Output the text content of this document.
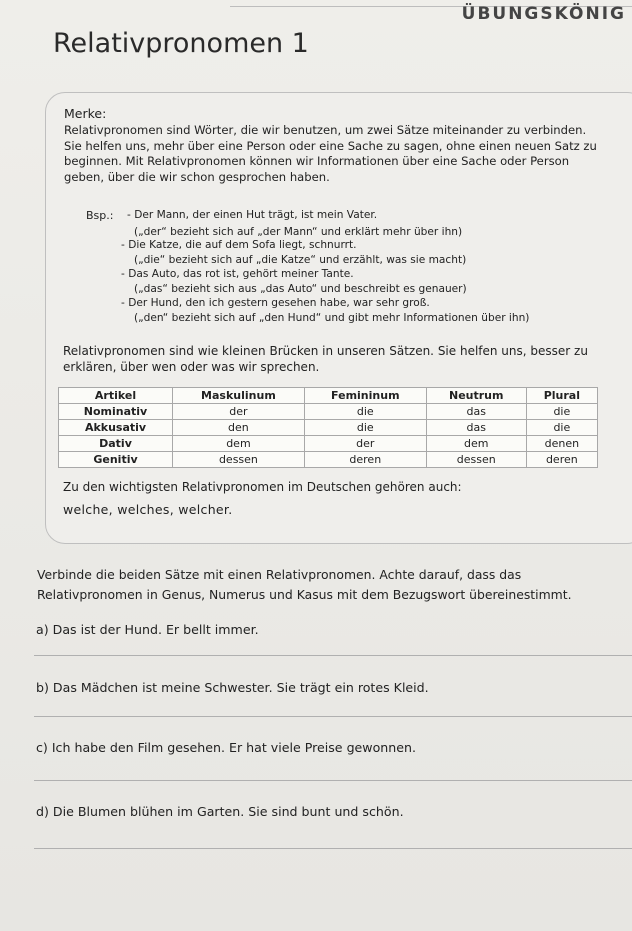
ÜBUNGSKÖNIG
Relativpronomen 1
Merke:
Relativpronomen sind Wörter, die wir benutzen, um zwei Sätze miteinander zu verbinden. Sie helfen uns, mehr über eine Person oder eine Sache zu sagen, ohne einen neuen Satz zu beginnen. Mit Relativpronomen können wir Informationen über eine Sache oder Person geben, über die wir schon gesprochen haben.
Bsp.: - Der Mann, der einen Hut trägt, ist mein Vater.
(„der“ bezieht sich auf „der Mann“ und erklärt mehr über ihn)
- Die Katze, die auf dem Sofa liegt, schnurrt.
(„die“ bezieht sich auf „die Katze“ und erzählt, was sie macht)
- Das Auto, das rot ist, gehört meiner Tante.
(„das“ bezieht sich aus „das Auto“ und beschreibt es genauer)
- Der Hund, den ich gestern gesehen habe, war sehr groß.
(„den“ bezieht sich auf „den Hund“ und gibt mehr Informationen über ihn)
Relativpronomen sind wie kleinen Brücken in unseren Sätzen. Sie helfen uns, besser zu erklären, über wen oder was wir sprechen.
Artikel	Maskulinum	Femininum	Neutrum	Plural
Nominativ	der	die	das	die
Akkusativ	den	die	das	die
Dativ	dem	der	dem	denen
Genitiv	dessen	deren	dessen	deren
Zu den wichtigsten Relativpronomen im Deutschen gehören auch:
welche, welches, welcher.
Verbinde die beiden Sätze mit einen Relativpronomen. Achte darauf, dass das Relativpronomen in Genus, Numerus und Kasus mit dem Bezugswort übereinestimmt.
a) Das ist der Hund. Er bellt immer.
b) Das Mädchen ist meine Schwester. Sie trägt ein rotes Kleid.
c) Ich habe den Film gesehen. Er hat viele Preise gewonnen.
d) Die Blumen blühen im Garten. Sie sind bunt und schön.
